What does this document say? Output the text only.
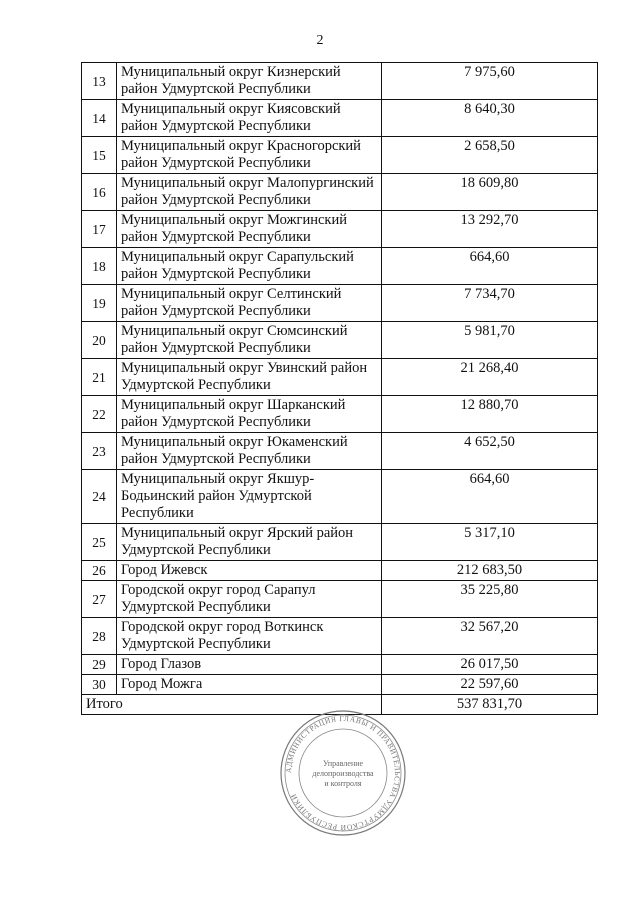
2
13	Муниципальный округ Кизнерский район Удмуртской Республики	7 975,60
14	Муниципальный округ Киясовский район Удмуртской Республики	8 640,30
15	Муниципальный округ Красногорский район Удмуртской Республики	2 658,50
16	Муниципальный округ Малопургинский район Удмуртской Республики	18 609,80
17	Муниципальный округ Можгинский район Удмуртской Республики	13 292,70
18	Муниципальный округ Сарапульский район Удмуртской Республики	664,60
19	Муниципальный округ Селтинский район Удмуртской Республики	7 734,70
20	Муниципальный округ Сюмсинский район Удмуртской Республики	5 981,70
21	Муниципальный округ Увинский район Удмуртской Республики	21 268,40
22	Муниципальный округ Шарканский район Удмуртской Республики	12 880,70
23	Муниципальный округ Юкаменский район Удмуртской Республики	4 652,50
24	Муниципальный округ Якшур-Бодьинский район Удмуртской Республики	664,60
25	Муниципальный округ Ярский район Удмуртской Республики	5 317,10
26	Город Ижевск	212 683,50
27	Городской округ город Сарапул Удмуртской Республики	35 225,80
28	Городской округ город Воткинск Удмуртской Республики	32 567,20
29	Город Глазов	26 017,50
30	Город Можга	22 597,60
Итого		537 831,70
АДМИНИСТРАЦИЯ ГЛАВЫ И ПРАВИТЕЛЬСТВА УДМУРТСКОЙ РЕСПУБЛИКИ
Управление
делопроизводства
и контроля
